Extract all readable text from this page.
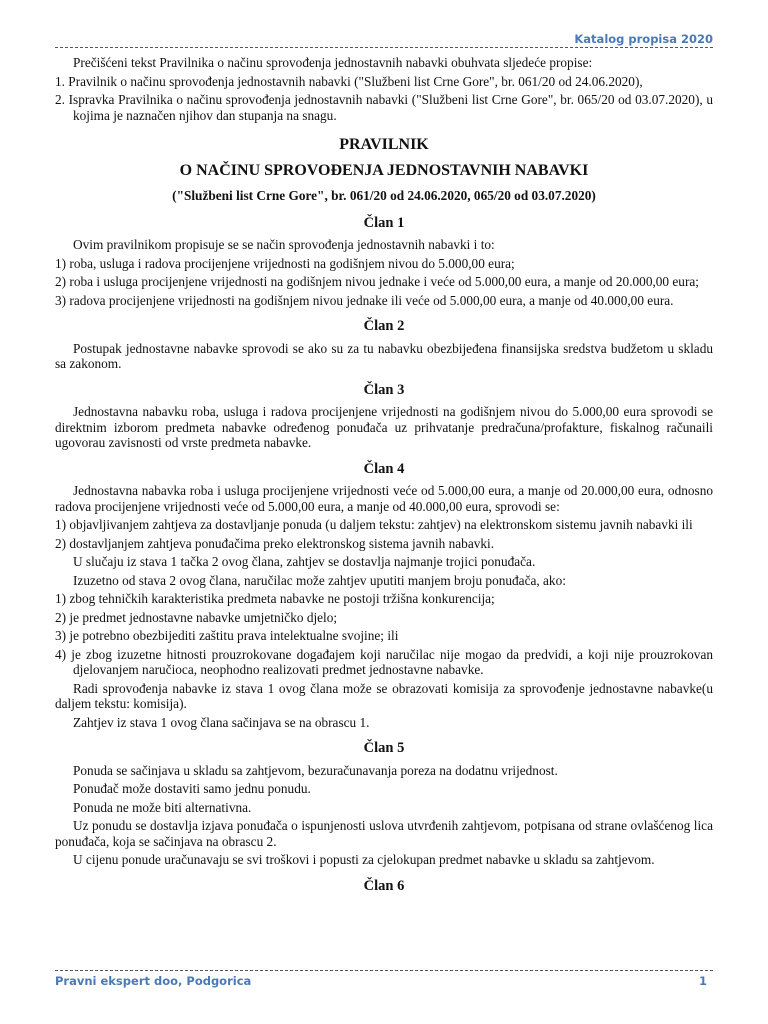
Katalog propisa 2020

Prečišćeni tekst Pravilnika o načinu sprovođenja jednostavnih nabavki obuhvata sljedeće propise:

1. Pravilnik o načinu sprovođenja jednostavnih nabavki ("Službeni list Crne Gore", br. 061/20 od 24.06.2020),

2. Ispravka Pravilnika o načinu sprovođenja jednostavnih nabavki ("Službeni list Crne Gore", br. 065/20 od 03.07.2020), u kojima je naznačen njihov dan stupanja na snagu.

PRAVILNIK
O NAČINU SPROVOĐENJA JEDNOSTAVNIH NABAVKI
("Službeni list Crne Gore", br. 061/20 od 24.06.2020, 065/20 od 03.07.2020)
Član 1

Ovim pravilnikom propisuje se se način sprovođenja jednostavnih nabavki i to:

1) roba, usluga i radova procijenjene vrijednosti na godišnjem nivou do 5.000,00 eura;

2) roba i usluga procijenjene vrijednosti na godišnjem nivou jednake i veće od 5.000,00 eura, a manje od 20.000,00 eura;

3) radova procijenjene vrijednosti na godišnjem nivou jednake ili veće od 5.000,00 eura, a manje od 40.000,00 eura.

Član 2

Postupak jednostavne nabavke sprovodi se ako su za tu nabavku obezbijeđena finansijska sredstva budžetom u skladu sa zakonom.

Član 3

Jednostavna nabavku roba, usluga i radova procijenjene vrijednosti na godišnjem nivou do 5.000,00 eura sprovodi se direktnim izborom predmeta nabavke određenog ponuđača uz prihvatanje predračuna/profakture, fiskalnog računaili ugovorau zavisnosti od vrste predmeta nabavke.

Član 4

Jednostavna nabavka roba i usluga procijenjene vrijednosti veće od 5.000,00 eura, a manje od 20.000,00 eura, odnosno radova procijenjene vrijednosti veće od 5.000,00 eura, a manje od 40.000,00 eura, sprovodi se:

1) objavljivanjem zahtjeva za dostavljanje ponuda (u daljem tekstu: zahtjev) na elektronskom sistemu javnih nabavki ili

2) dostavljanjem zahtjeva ponuđačima preko elektronskog sistema javnih nabavki.

U slučaju iz stava 1 tačka 2 ovog člana, zahtjev se dostavlja najmanje trojici ponuđača.

Izuzetno od stava 2 ovog člana, naručilac može zahtjev uputiti manjem broju ponuđača, ako:

1) zbog tehničkih karakteristika predmeta nabavke ne postoji tržišna konkurencija;

2) je predmet jednostavne nabavke umjetničko djelo;

3) je potrebno obezbijediti zaštitu prava intelektualne svojine; ili

4) je zbog izuzetne hitnosti prouzrokovane događajem koji naručilac nije mogao da predvidi, a koji nije prouzrokovan djelovanjem naručioca, neophodno realizovati predmet jednostavne nabavke.

Radi sprovođenja nabavke iz stava 1 ovog člana može se obrazovati komisija za sprovođenje jednostavne nabavke(u daljem tekstu: komisija).

Zahtjev iz stava 1 ovog člana sačinjava se na obrascu 1.

Član 5

Ponuda se sačinjava u skladu sa zahtjevom, bezuračunavanja poreza na dodatnu vrijednost.

Ponuđač može dostaviti samo jednu ponudu.

Ponuda ne može biti alternativna.

Uz ponudu se dostavlja izjava ponuđača o ispunjenosti uslova utvrđenih zahtjevom, potpisana od strane ovlašćenog lica ponuđača, koja se sačinjava na obrascu 2.

U cijenu ponude uračunavaju se svi troškovi i popusti za cjelokupan predmet nabavke u skladu sa zahtjevom.

Član 6
Pravni ekspert doo, Podgorica	1
